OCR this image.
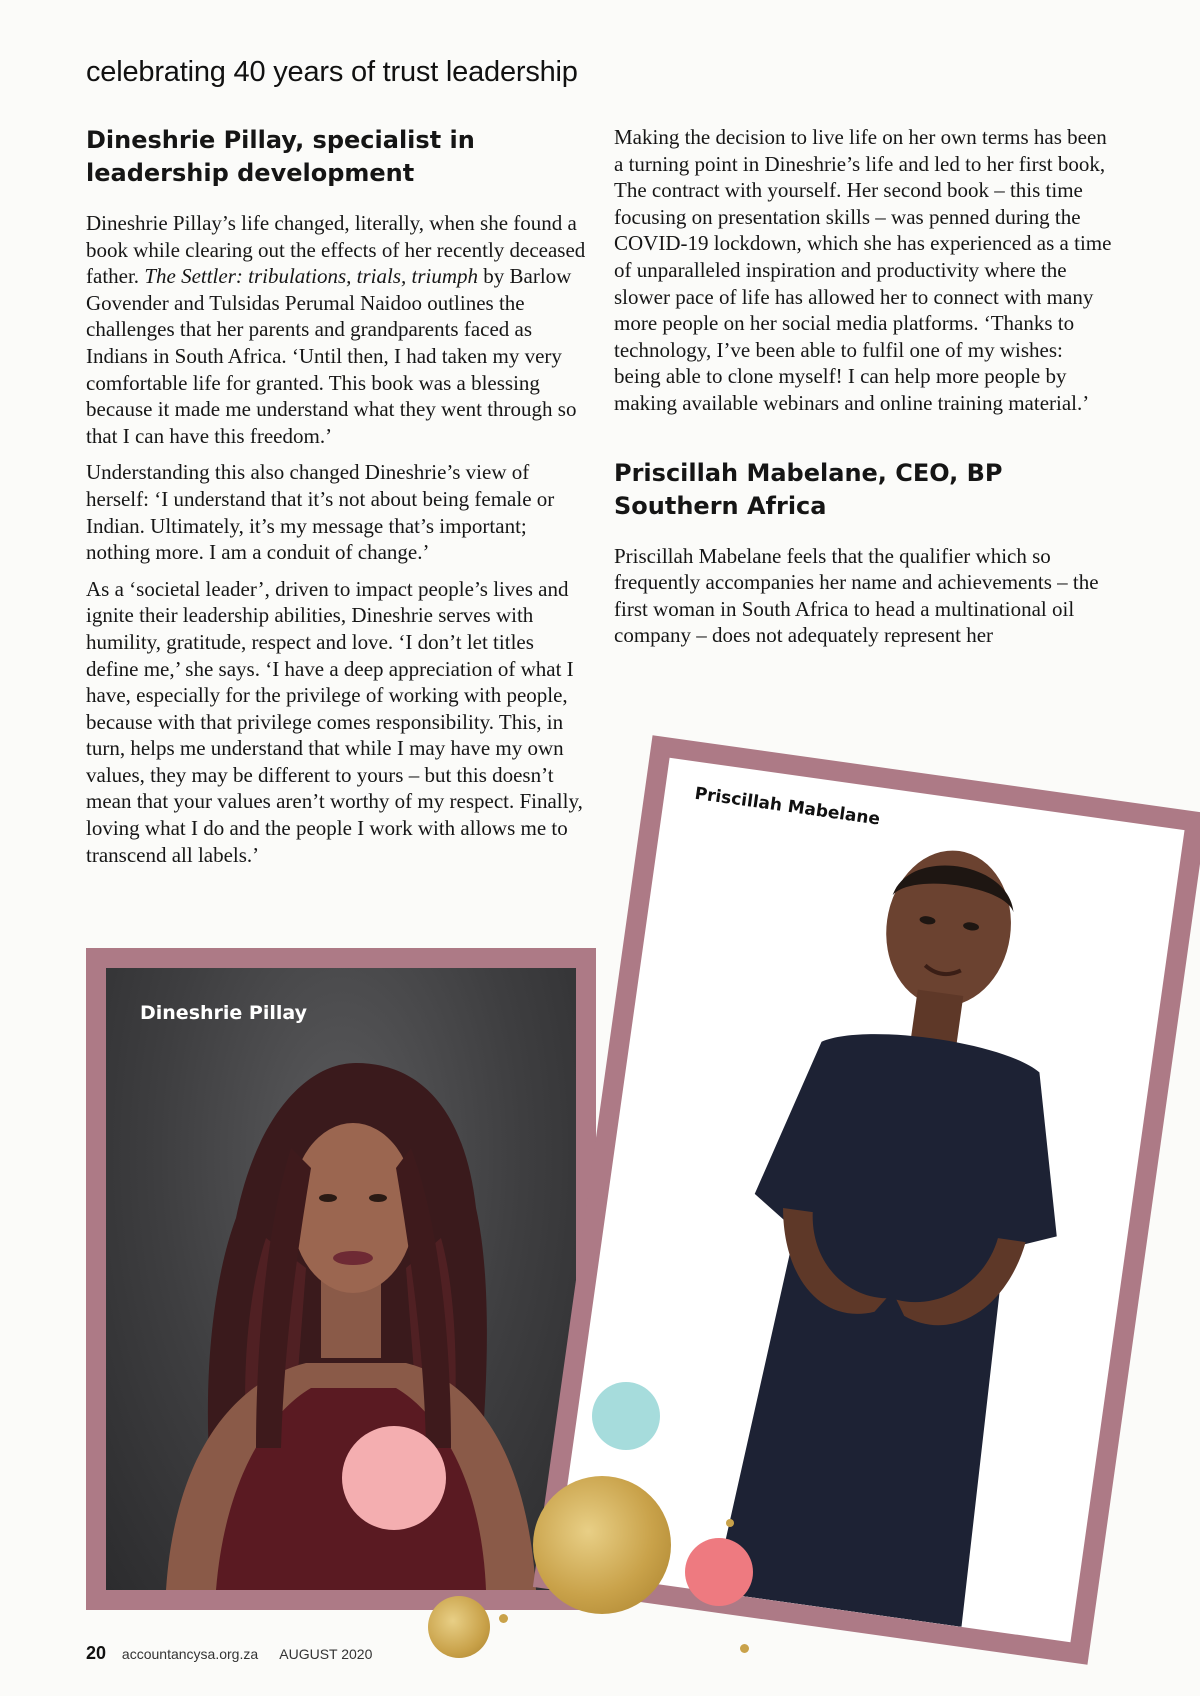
celebrating 40 years of trust leadership
Dineshrie Pillay, specialist in leadership development

Dineshrie Pillay’s life changed, literally, when she found a book while clearing out the effects of her recently deceased father. The Settler: tribulations, trials, triumph by Barlow Govender and Tulsidas Perumal Naidoo outlines the challenges that her parents and grandparents faced as Indians in South Africa. ‘Until then, I had taken my very comfortable life for granted. This book was a blessing because it made me understand what they went through so that I can have this freedom.’

Understanding this also changed Dineshrie’s view of herself: ‘I understand that it’s not about being female or Indian. Ultimately, it’s my message that’s important; nothing more. I am a conduit of change.’

As a ‘societal leader’, driven to impact people’s lives and ignite their leadership abilities, Dineshrie serves with humility, gratitude, respect and love. ‘I don’t let titles define me,’ she says. ‘I have a deep appreciation of what I have, especially for the privilege of working with people, because with that privilege comes responsibility. This, in turn, helps me understand that while I may have my own values, they may be different to yours – but this doesn’t mean that your values aren’t worthy of my respect. Finally, loving what I do and the people I work with allows me to transcend all labels.’

Making the decision to live life on her own terms has been a turning point in Dineshrie’s life and led to her first book, The contract with yourself. Her second book – this time focusing on presentation skills – was penned during the COVID-19 lockdown, which she has experienced as a time of unparalleled inspiration and productivity where the slower pace of life has allowed her to connect with many more people on her social media platforms. ‘Thanks to technology, I’ve been able to fulfil one of my wishes: being able to clone myself! I can help more people by making available webinars and online training material.’

Priscillah Mabelane, CEO, BP Southern Africa

Priscillah Mabelane feels that the qualifier which so frequently accompanies her name and achievements – the first woman in South Africa to head a multinational oil company – does not adequately represent her

Dineshrie Pillay
Priscillah Mabelane
20 accountancysa.org.za AUGUST 2020
